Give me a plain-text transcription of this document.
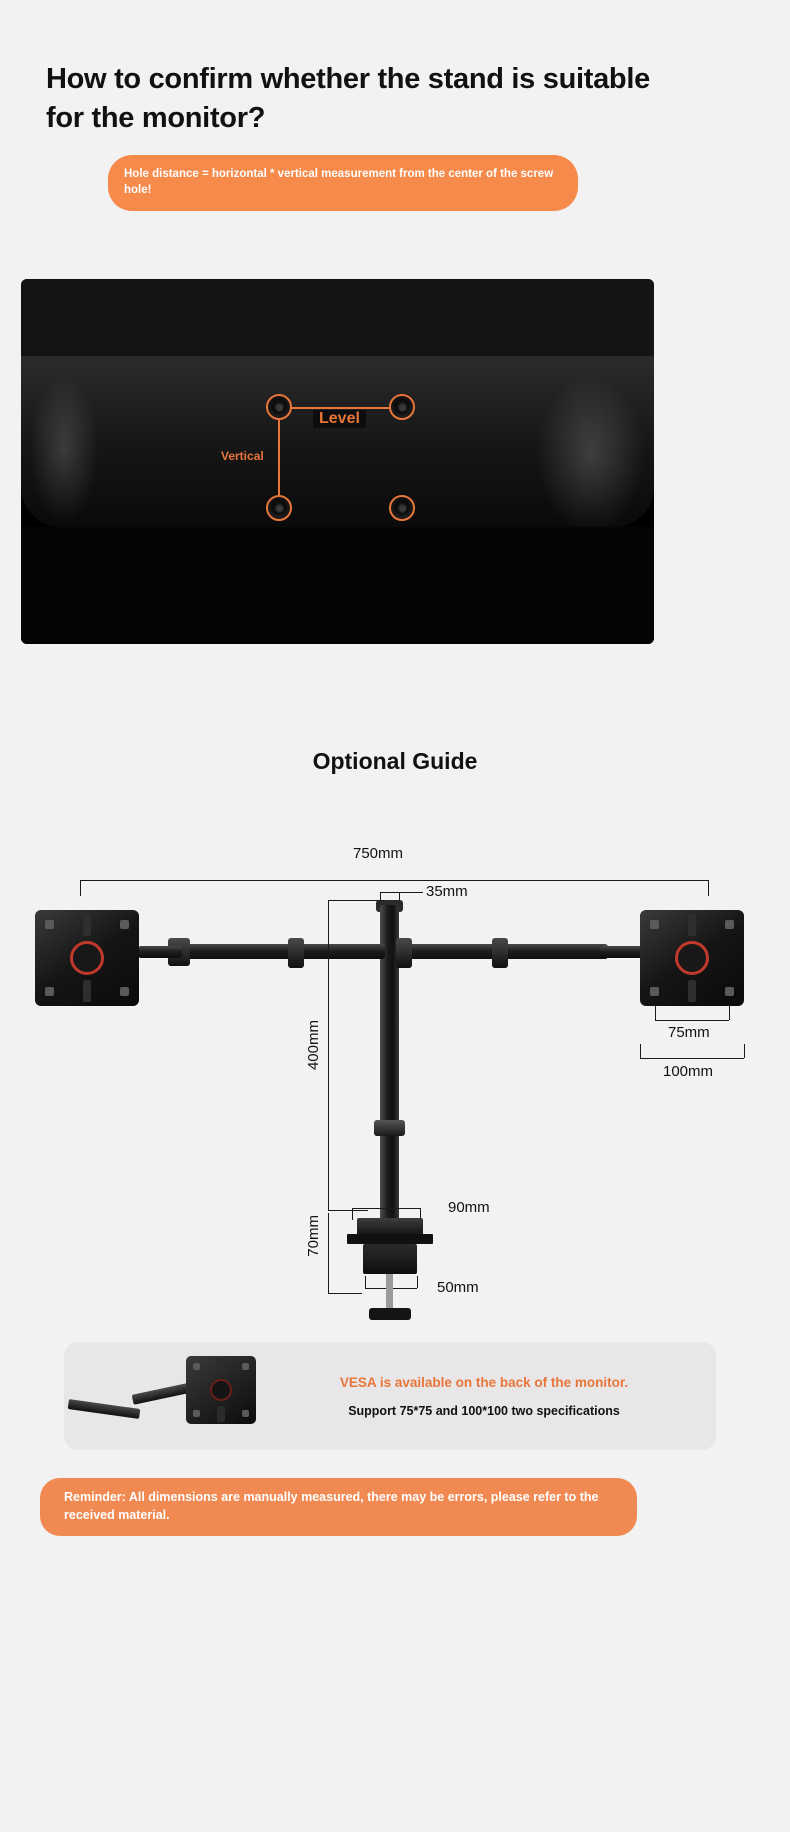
How to confirm whether the stand is suitable for the monitor?
Hole distance = horizontal * vertical measurement from the center of the screw hole!
Level
Vertical
Optional Guide
750mm
35mm
75mm
100mm
400mm
90mm
70mm
50mm
VESA is available on the back of the monitor.
Support 75*75 and 100*100 two specifications
Reminder: All dimensions are manually measured, there may be errors, please refer to the received material.
